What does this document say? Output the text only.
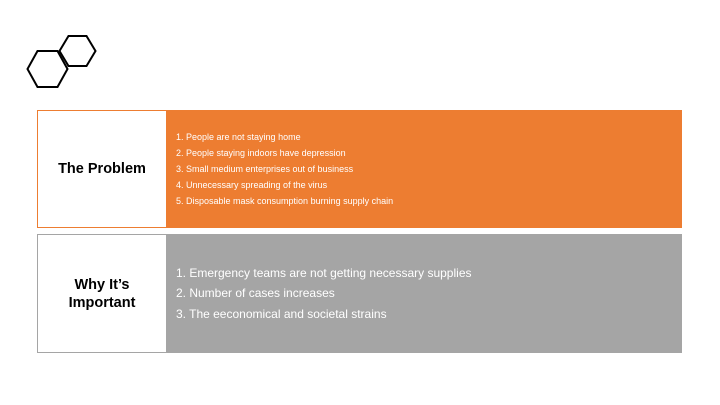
The Problem
1. People are not staying home
2. People staying indoors have depression
3. Small medium enterprises out of business
4. Unnecessary spreading of the virus
5. Disposable mask consumption burning supply chain
Why It’s
Important
1. Emergency teams are not getting necessary supplies
2. Number of cases increases
3. The eeconomical and societal strains
